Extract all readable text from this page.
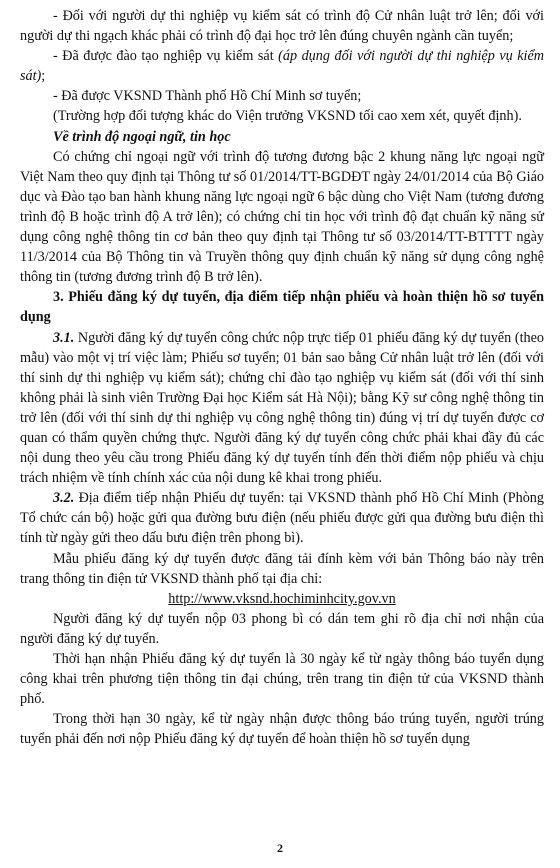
- Đối với người dự thi nghiệp vụ kiểm sát có trình độ Cử nhân luật trở lên; đối với người dự thi ngạch khác phải có trình độ đại học trở lên đúng chuyên ngành cần tuyển;

- Đã được đào tạo nghiệp vụ kiểm sát (áp dụng đối với người dự thi nghiệp vụ kiểm sát);

- Đã được VKSND Thành phố Hồ Chí Minh sơ tuyển;

(Trường hợp đối tượng khác do Viện trưởng VKSND tối cao xem xét, quyết định).

Về trình độ ngoại ngữ, tin học

Có chứng chỉ ngoại ngữ với trình độ tương đương bậc 2 khung năng lực ngoại ngữ Việt Nam theo quy định tại Thông tư số 01/2014/TT-BGDĐT ngày 24/01/2014 của Bộ Giáo dục và Đào tạo ban hành khung năng lực ngoại ngữ 6 bậc dùng cho Việt Nam (tương đương trình độ B hoặc trình độ A trở lên); có chứng chỉ tin học với trình độ đạt chuẩn kỹ năng sử dụng công nghệ thông tin cơ bản theo quy định tại Thông tư số 03/2014/TT-BTTTT ngày 11/3/2014 của Bộ Thông tin và Truyền thông quy định chuẩn kỹ năng sử dụng công nghệ thông tin (tương đương trình độ B trở lên).

3. Phiếu đăng ký dự tuyển, địa điểm tiếp nhận phiếu và hoàn thiện hồ sơ tuyển dụng

3.1. Người đăng ký dự tuyển công chức nộp trực tiếp 01 phiếu đăng ký dự tuyển (theo mẫu) vào một vị trí việc làm; Phiếu sơ tuyển; 01 bản sao bằng Cử nhân luật trở lên (đối với thí sinh dự thi nghiệp vụ kiểm sát); chứng chỉ đào tạo nghiệp vụ kiểm sát (đối với thí sinh không phải là sinh viên Trường Đại học Kiểm sát Hà Nội); bằng Kỹ sư công nghệ thông tin trở lên (đối với thí sinh dự thi nghiệp vụ công nghệ thông tin) đúng vị trí dự tuyển được cơ quan có thẩm quyền chứng thực. Người đăng ký dự tuyển công chức phải khai đầy đủ các nội dung theo yêu cầu trong Phiếu đăng ký dự tuyển tính đến thời điểm nộp phiếu và chịu trách nhiệm về tính chính xác của nội dung kê khai trong phiếu.

3.2. Địa điểm tiếp nhận Phiếu dự tuyển: tại VKSND thành phố Hồ Chí Minh (Phòng Tổ chức cán bộ) hoặc gửi qua đường bưu điện (nếu phiếu được gửi qua đường bưu điện thì tính từ ngày gửi theo dấu bưu điện trên phong bì).

Mẫu phiếu đăng ký dự tuyển được đăng tải đính kèm với bản Thông báo này trên trang thông tin điện tử VKSND thành phố tại địa chỉ:

http://www.vksnd.hochiminhcity.gov.vn

Người đăng ký dự tuyển nộp 03 phong bì có dán tem ghi rõ địa chỉ nơi nhận của người đăng ký dự tuyển.

Thời hạn nhận Phiếu đăng ký dự tuyển là 30 ngày kể từ ngày thông báo tuyển dụng công khai trên phương tiện thông tin đại chúng, trên trang tin điện tử của VKSND thành phố.

Trong thời hạn 30 ngày, kể từ ngày nhận được thông báo trúng tuyển, người trúng tuyển phải đến nơi nộp Phiếu đăng ký dự tuyển để hoàn thiện hồ sơ tuyển dụng

2
